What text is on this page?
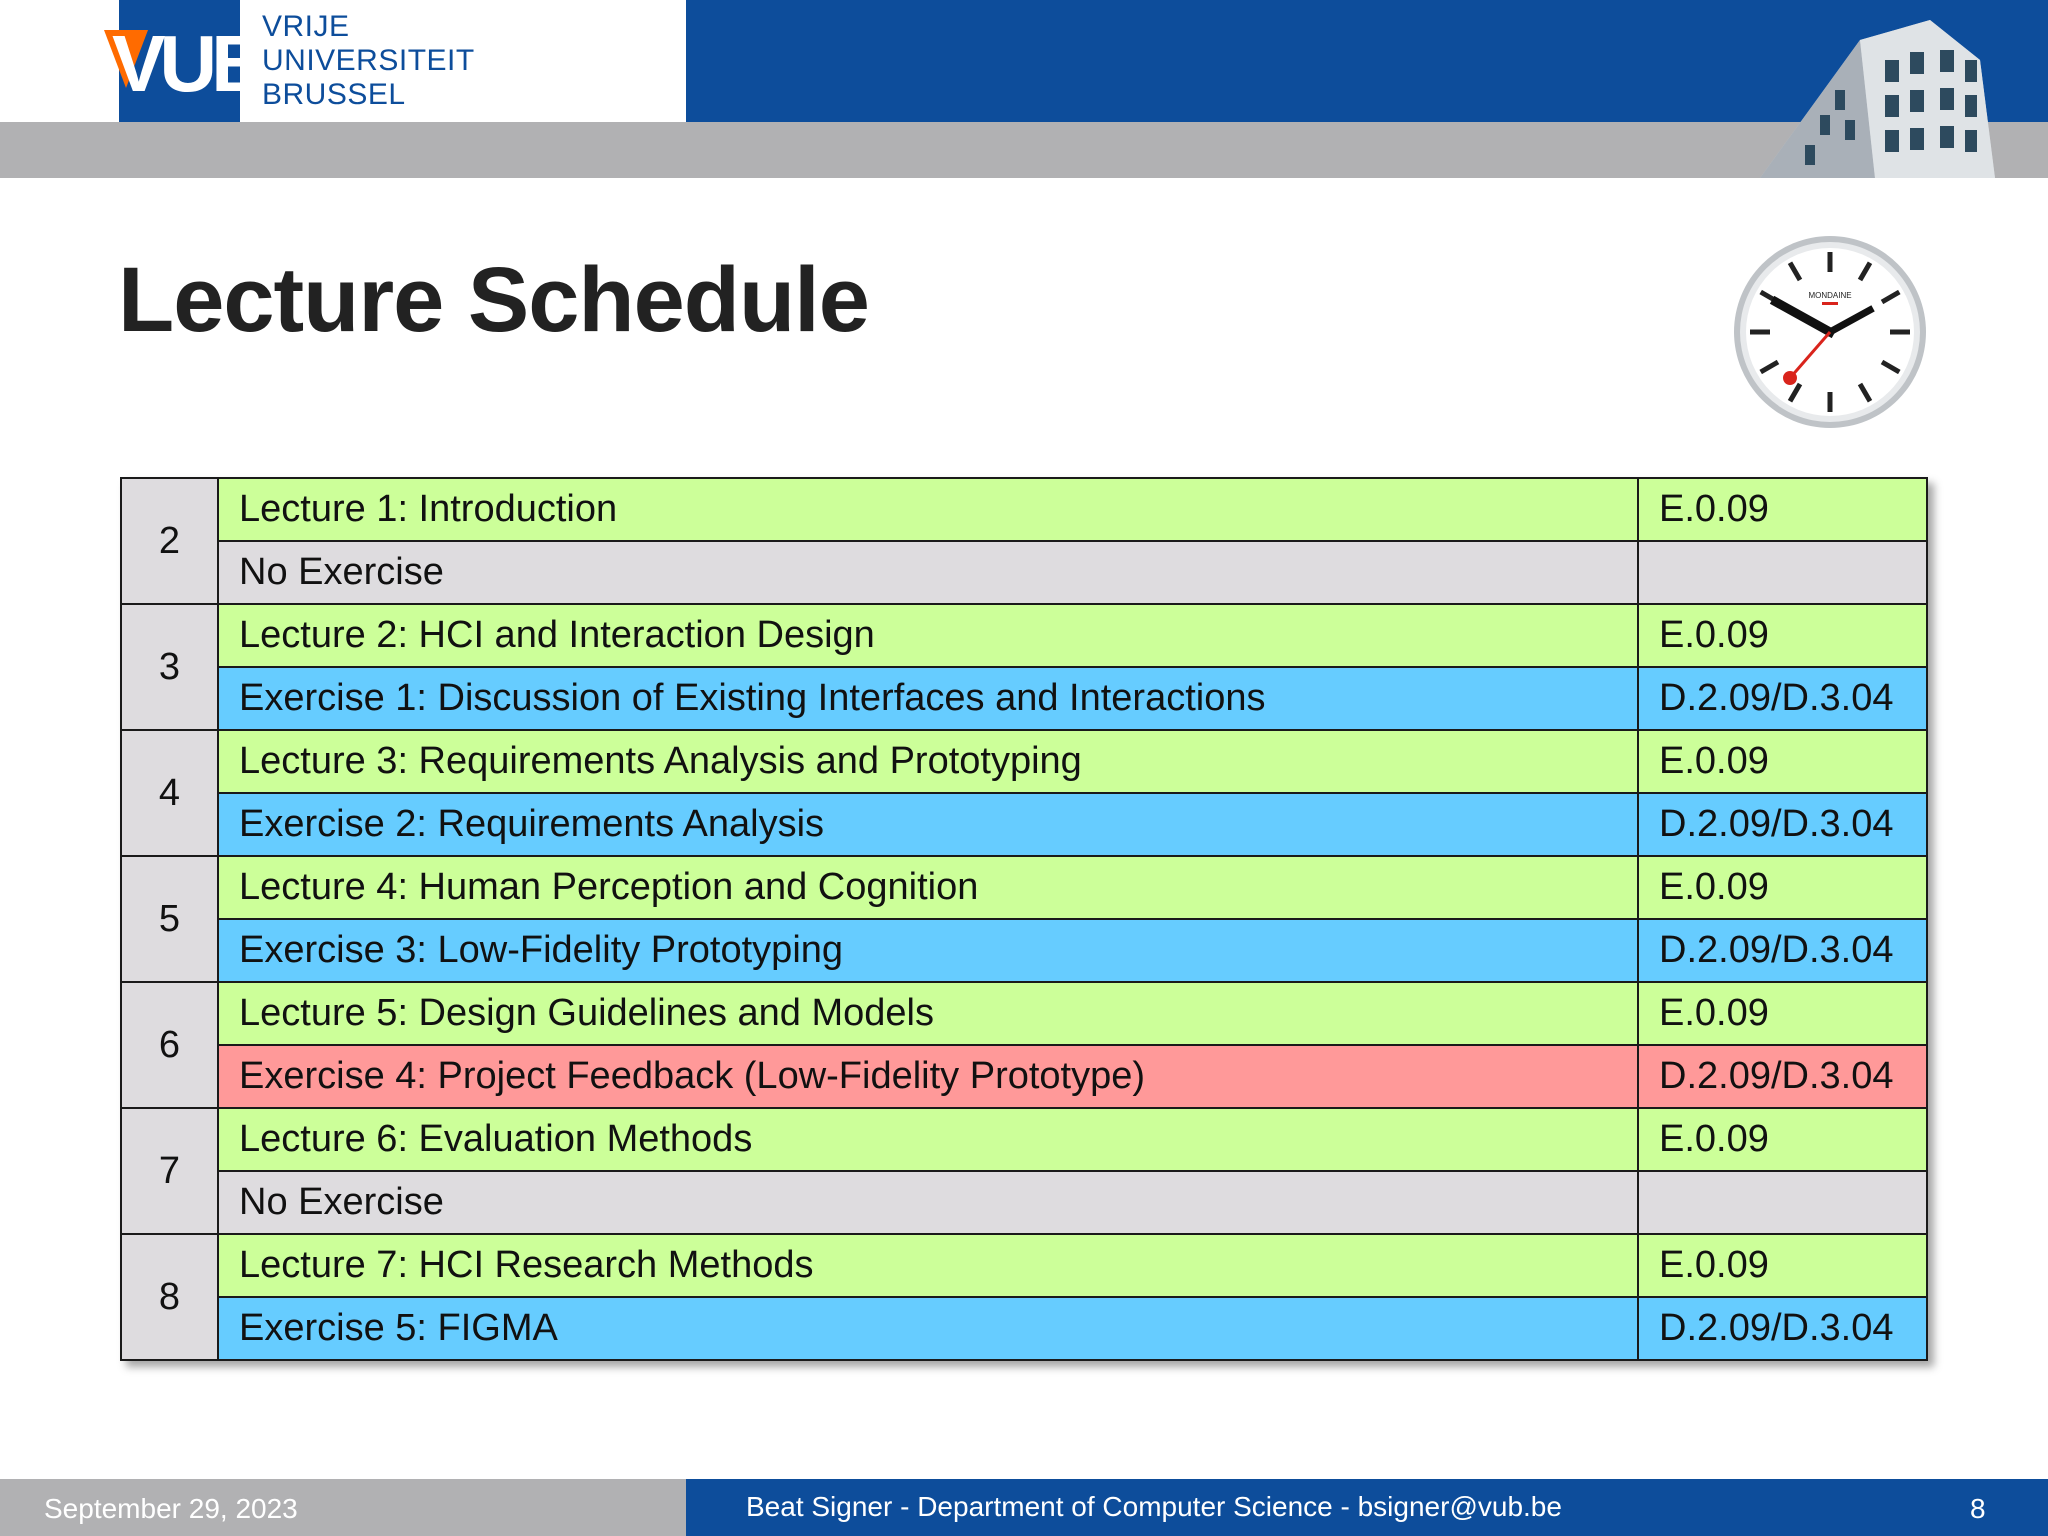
VUB VRIJE
UNIVERSITEIT
BRUSSEL
Lecture Schedule	MONDAINE
2	Lecture 1: Introduction	E.0.09
	No Exercise	
3	Lecture 2: HCI and Interaction Design	E.0.09
	Exercise 1: Discussion of Existing Interfaces and Interactions	D.2.09/D.3.04
4	Lecture 3: Requirements Analysis and Prototyping	E.0.09
	Exercise 2: Requirements Analysis	D.2.09/D.3.04
5	Lecture 4: Human Perception and Cognition	E.0.09
	Exercise 3: Low-Fidelity Prototyping	D.2.09/D.3.04
6	Lecture 5: Design Guidelines and Models	E.0.09
	Exercise 4: Project Feedback (Low-Fidelity Prototype)	D.2.09/D.3.04
7	Lecture 6: Evaluation Methods	E.0.09
	No Exercise	
8	Lecture 7: HCI Research Methods	E.0.09
	Exercise 5: FIGMA	D.2.09/D.3.04
September 29, 2023	Beat Signer - Department of Computer Science - bsigner@vub.be	8
